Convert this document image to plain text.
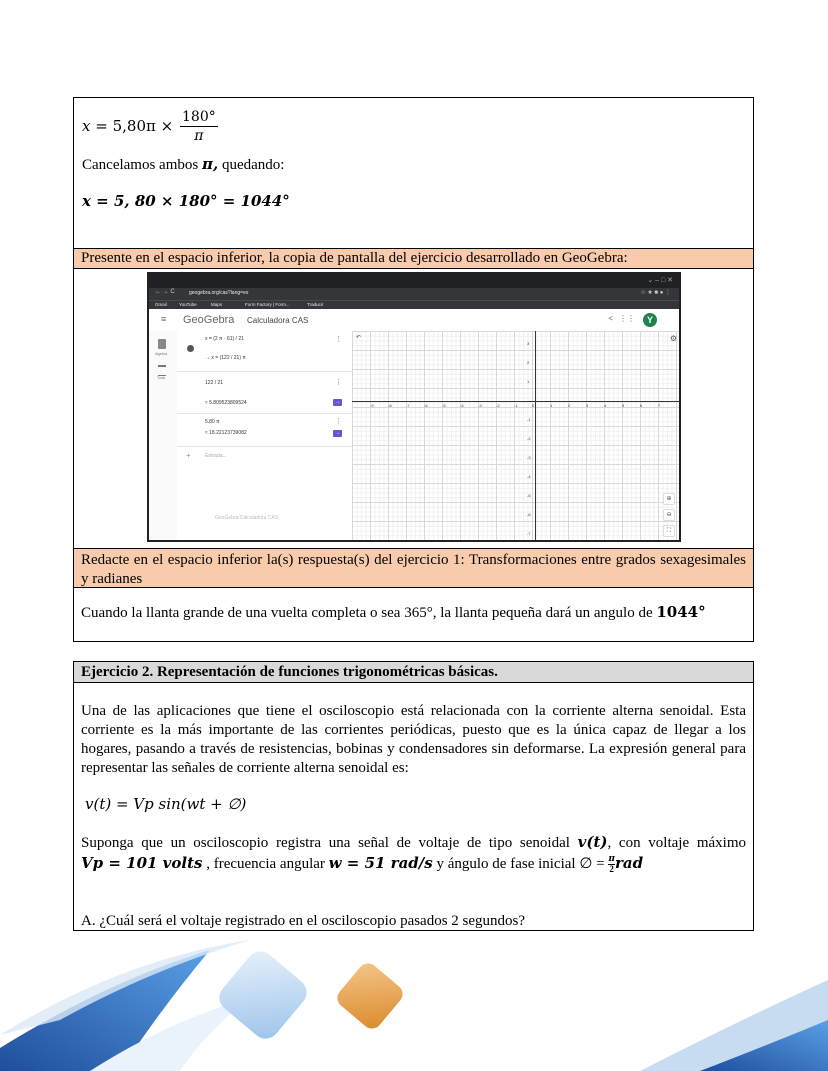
$x = 5,80\pi \times \frac{180^\circ}{\pi}$
Cancelamos ambos π, quedando:
x = 5, 80 × 180° = 1044°
Presente en el espacio inferior, la copia de pantalla del ejercicio desarrollado en GeoGebra:
Redacte en el espacio inferior la(s) respuesta(s) del ejercicio 1: Transformaciones entre grados sexagesimales y radianes
Cuando la llanta grande de una vuelta completa o sea 365°, la llanta pequeña dará un angulo de 1044°
⌄ – □ ✕
← → C	geogebra.org/cas?lang=es	☆ ★ ■ ● ⋮
Gmail	YouTube	Maps	Form Factory | Form...	Traducir
≡ GeoGebra Calculadora CAS	< ⋮⋮	Y
Algebra
Tools
x = (2 π · 61) / 21
→ x = (122 / 21) π
⋮
122 / 21
≈ 5.809523809524
⋮
→
5.80 π
≈ 18.22123739082
⋮
→
+	Entrada...
GeoGebra Calculadora CAS
↶	⚙
⊕
⊖
⛶
-9	-8	-7	-6	-5	-4	-3	-2	-1	0	1	2	3	4	5	6	7
3
2
1
-1
-2
-3
-4
-5
-6
-7
Ejercicio 2. Representación de funciones trigonométricas básicas.
Una de las aplicaciones que tiene el osciloscopio está relacionada con la corriente alterna senoidal. Esta corriente es la más importante de las corrientes periódicas, puesto que es la única capaz de llegar a los hogares, pasando a través de resistencias, bobinas y condensadores sin deformarse. La expresión general para representar las señales de corriente alterna senoidal es:
v(t) = Vp sin(wt + ∅)
Suponga que un osciloscopio registra una señal de voltaje de tipo senoidal v(t), con voltaje máximo
Vp = 101 volts , frecuencia angular w = 51 rad/s y ángulo de fase inicial ∅ = $\frac{\pi}{2}$ rad
A. ¿Cuál será el voltaje registrado en el osciloscopio pasados 2 segundos?
